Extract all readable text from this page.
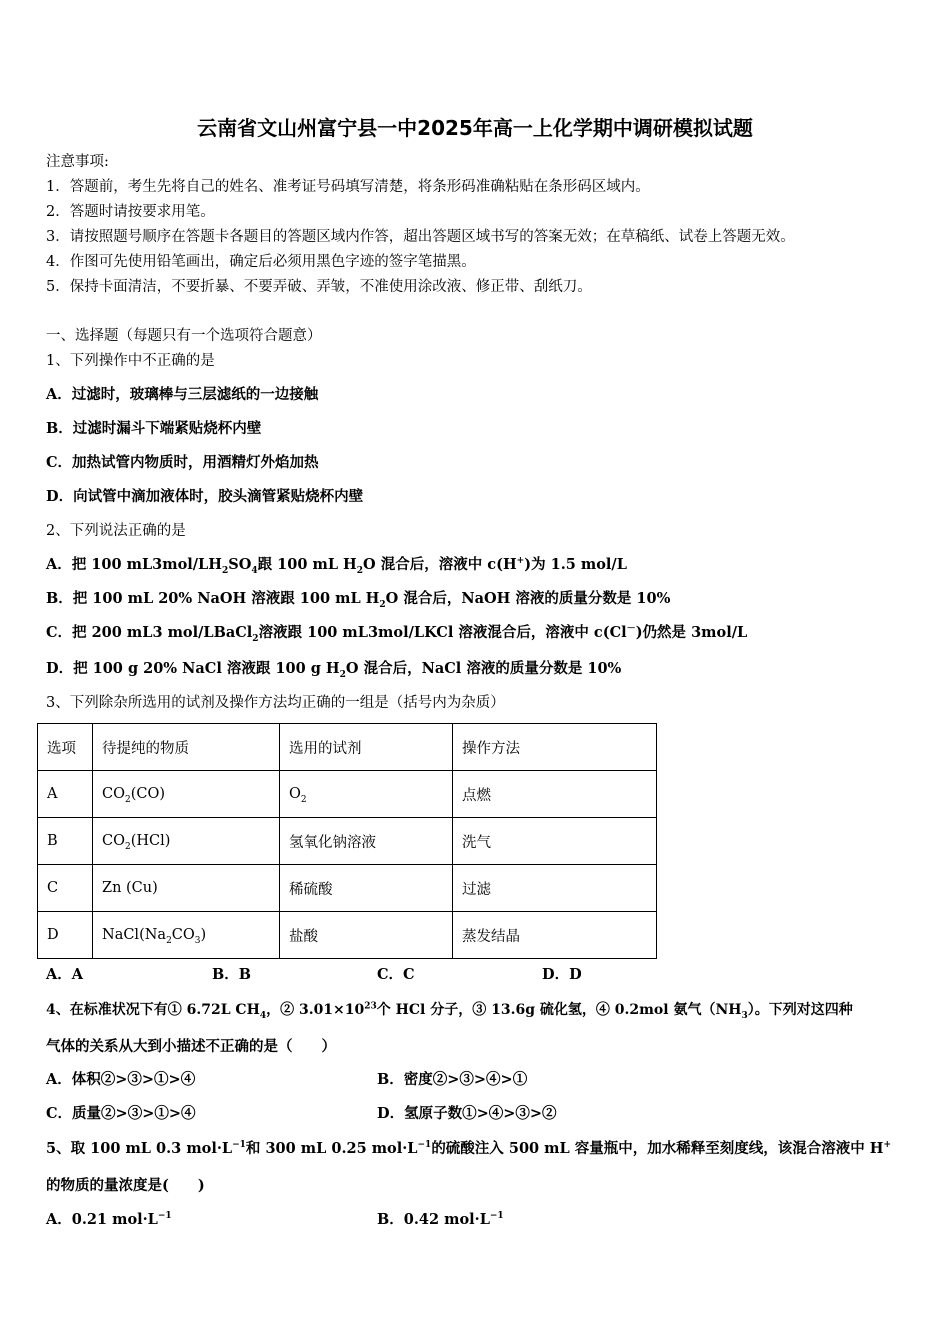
云南省文山州富宁县一中2025年高一上化学期中调研模拟试题
注意事项:
1．答题前，考生先将自己的姓名、准考证号码填写清楚，将条形码准确粘贴在条形码区域内。
2．答题时请按要求用笔。
3．请按照题号顺序在答题卡各题目的答题区域内作答，超出答题区域书写的答案无效；在草稿纸、试卷上答题无效。
4．作图可先使用铅笔画出，确定后必须用黑色字迹的签字笔描黑。
5．保持卡面清洁，不要折暴、不要弄破、弄皱，不准使用涂改液、修正带、刮纸刀。
一、选择题（每题只有一个选项符合题意）
1、下列操作中不正确的是
A．过滤时，玻璃棒与三层滤纸的一边接触
B．过滤时漏斗下端紧贴烧杯内壁
C．加热试管内物质时，用酒精灯外焰加热
D．向试管中滴加液体时，胶头滴管紧贴烧杯内壁
2、下列说法正确的是
A．把 100 $mL3mol/LH_2SO_4$跟 100 mL $H_2O$ 混合后，溶液中 c(H+)为 1.5 mol/L
B．把 100 mL 20% NaOH 溶液跟 100 mL $H_2O$ 混合后，NaOH 溶液的质量分数是 10%
C．把 200 mL3 mol/LBaCl$_2$溶液跟 100 mL3mol/LKCl 溶液混合后，溶液中 c(Cl－)仍然是 3mol/L
D．把 100 g 20% NaCl 溶液跟 100 g $H_2O$ 混合后，NaCl 溶液的质量分数是 10%
3、下列除杂所选用的试剂及操作方法均正确的一组是（括号内为杂质）
选项	待提纯的物质	选用的试剂	操作方法
A	$CO_2(CO)$	$O_2$	点燃
B	$CO_2(HCl)$	氢氧化钠溶液	洗气
C	Zn (Cu)	稀硫酸	过滤
D	$NaCl(Na_2CO_3)$	盐酸	蒸发结晶
A．A	B．B	C．C	D．D
4、在标准状况下有① 6.72L $CH_4$，② $3.01\times 10^{23}$个 HCl 分子，③ 13.6g 硫化氢，④ 0.2mol 氨气$(NH_3)$。下列对这四种
气体的关系从大到小描述不正确的是（　　）
A．体积②>③>①>④	B．密度②>③>④>①
C．质量②>③>①>④	D．氢原子数①>④>③>②
5、取 100 mL 0.3 $mol\cdot L^{-1}$和 300 mL 0.25 $mol\cdot L^{-1}$的硫酸注入 500 mL 容量瓶中，加水稀释至刻度线，该混合溶液中 H+
的物质的量浓度是(　　)
A．0.21 $mol\cdot L^{-1}$	B．0.42 $mol\cdot L^{-1}$
